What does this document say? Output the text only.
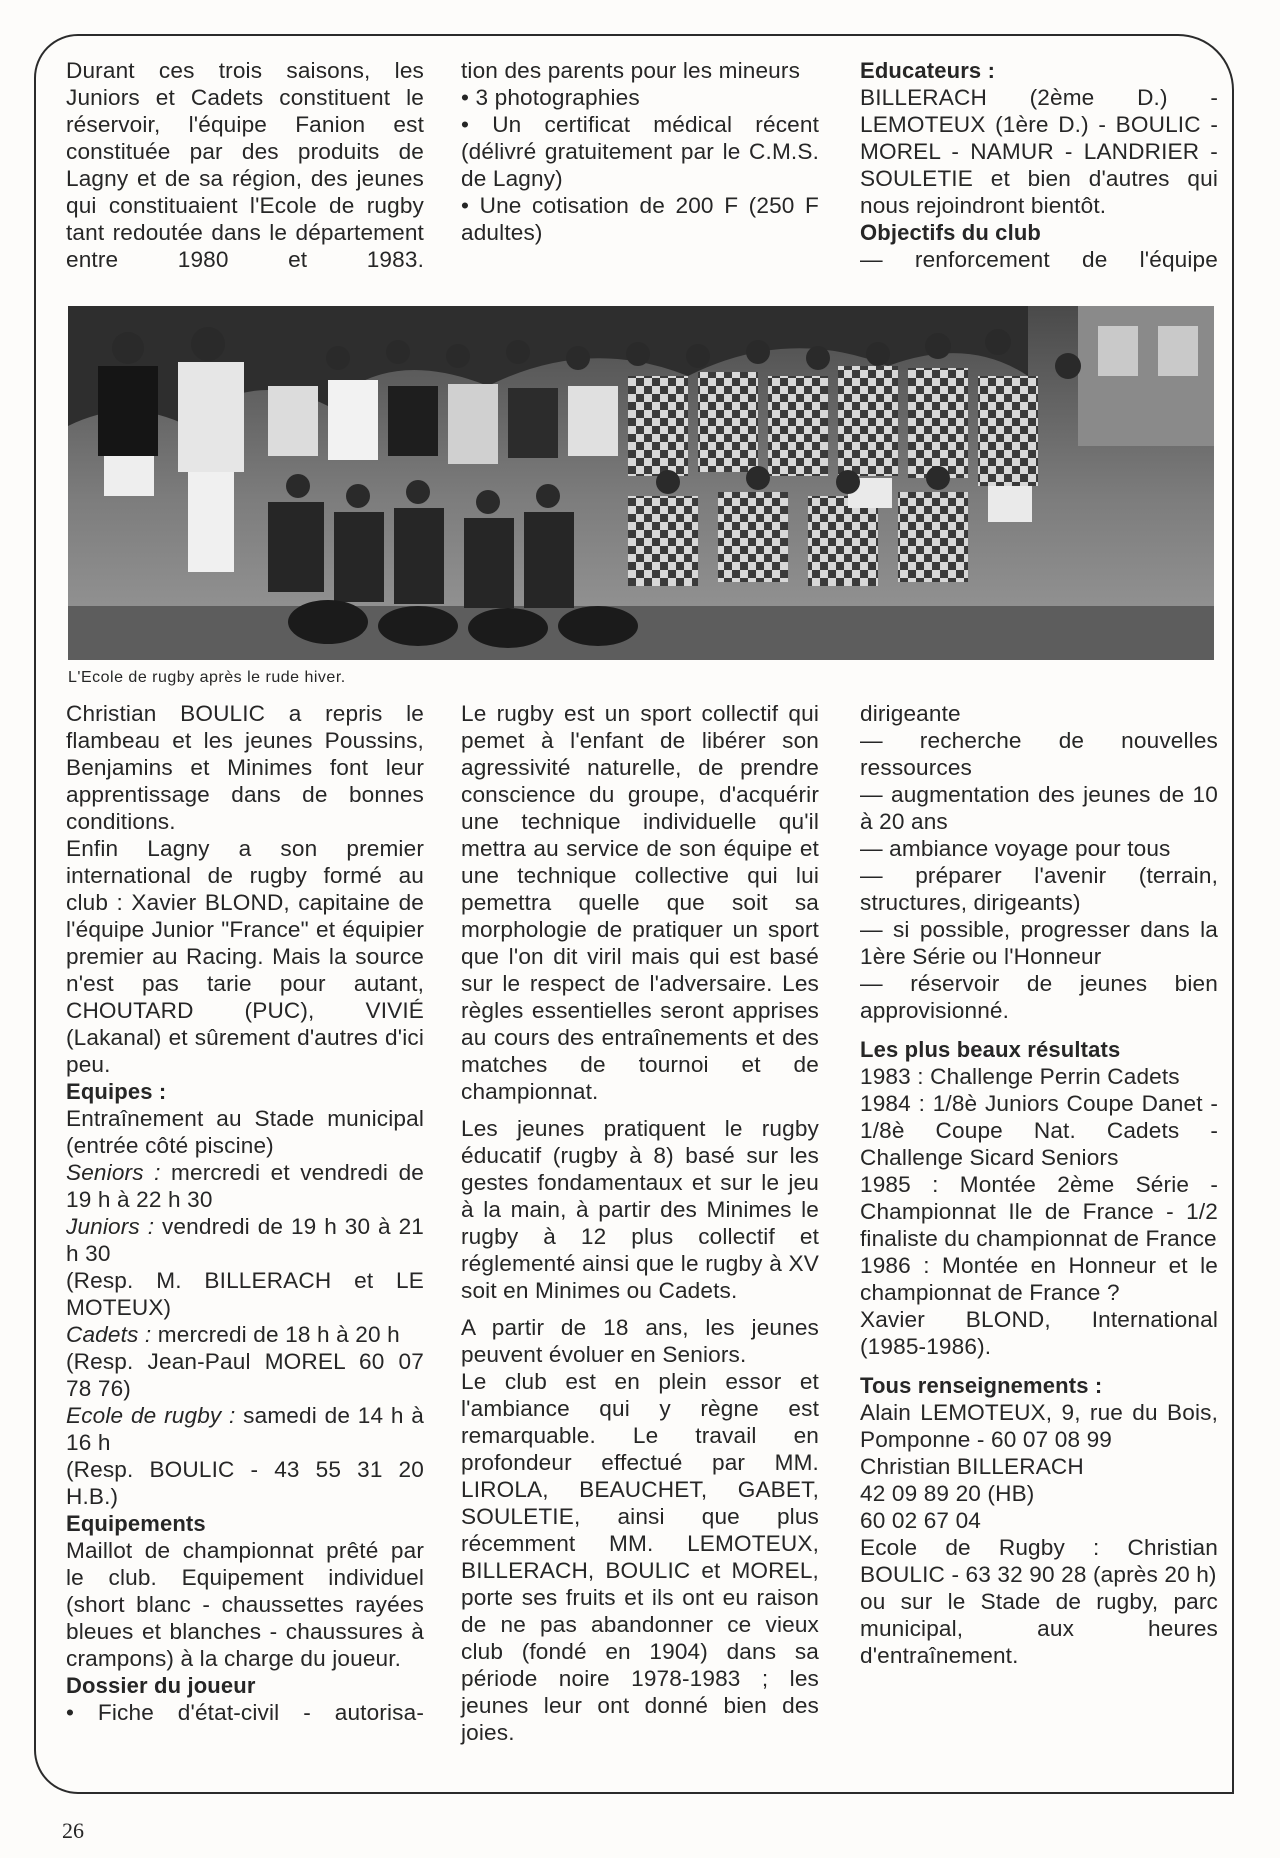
Durant ces trois saisons, les Juniors et Cadets constituent le réservoir, l'équipe Fanion est constituée par des produits de Lagny et de sa région, des jeunes qui constituaient l'Ecole de rugby tant redoutée dans le département entre 1980 et 1983.

tion des parents pour les mineurs

• 3 photographies

• Un certificat médical récent (délivré gratuitement par le C.M.S. de Lagny)

• Une cotisation de 200 F (250 F adultes)

Educateurs :

BILLERACH (2ème D.) - LEMOTEUX (1ère D.) - BOULIC - MOREL - NAMUR - LANDRIER - SOULETIE et bien d'autres qui nous rejoindront bientôt.

Objectifs du club

— renforcement de l'équipe

L'Ecole de rugby après le rude hiver.

Christian BOULIC a repris le flambeau et les jeunes Poussins, Benjamins et Minimes font leur apprentissage dans de bonnes conditions.

Enfin Lagny a son premier international de rugby formé au club : Xavier BLOND, capitaine de l'équipe Junior "France" et équipier premier au Racing. Mais la source n'est pas tarie pour autant, CHOUTARD (PUC), VIVIÉ (Lakanal) et sûrement d'autres d'ici peu.

Equipes :

Entraînement au Stade municipal (entrée côté piscine)

Seniors : mercredi et vendredi de 19 h à 22 h 30

Juniors : vendredi de 19 h 30 à 21 h 30

(Resp. M. BILLERACH et LE MOTEUX)

Cadets : mercredi de 18 h à 20 h

(Resp. Jean-Paul MOREL 60 07 78 76)

Ecole de rugby : samedi de 14 h à 16 h

(Resp. BOULIC - 43 55 31 20 H.B.)

Equipements

Maillot de championnat prêté par le club. Equipement individuel (short blanc - chaussettes rayées bleues et blanches - chaussures à crampons) à la charge du joueur.

Dossier du joueur

• Fiche d'état-civil - autorisa-

Le rugby est un sport collectif qui pemet à l'enfant de libérer son agressivité naturelle, de prendre conscience du groupe, d'acquérir une technique individuelle qu'il mettra au service de son équipe et une technique collective qui lui pemettra quelle que soit sa morphologie de pratiquer un sport que l'on dit viril mais qui est basé sur le respect de l'adversaire. Les règles essentielles seront apprises au cours des entraînements et des matches de tournoi et de championnat.

Les jeunes pratiquent le rugby éducatif (rugby à 8) basé sur les gestes fondamentaux et sur le jeu à la main, à partir des Minimes le rugby à 12 plus collectif et réglementé ainsi que le rugby à XV soit en Minimes ou Cadets.

A partir de 18 ans, les jeunes peuvent évoluer en Seniors.

Le club est en plein essor et l'ambiance qui y règne est remarquable. Le travail en profondeur effectué par MM. LIROLA, BEAUCHET, GABET, SOULETIE, ainsi que plus récemment MM. LEMOTEUX, BILLERACH, BOULIC et MOREL, porte ses fruits et ils ont eu raison de ne pas abandonner ce vieux club (fondé en 1904) dans sa période noire 1978-1983 ; les jeunes leur ont donné bien des joies.

dirigeante

— recherche de nouvelles ressources

— augmentation des jeunes de 10 à 20 ans

— ambiance voyage pour tous

— préparer l'avenir (terrain, structures, dirigeants)

— si possible, progresser dans la 1ère Série ou l'Honneur

— réservoir de jeunes bien approvisionné.

Les plus beaux résultats

1983 : Challenge Perrin Cadets

1984 : 1/8è Juniors Coupe Danet - 1/8è Coupe Nat. Cadets - Challenge Sicard Seniors

1985 : Montée 2ème Série - Championnat Ile de France - 1/2 finaliste du championnat de France

1986 : Montée en Honneur et le championnat de France ?

Xavier BLOND, International (1985-1986).

Tous renseignements :

Alain LEMOTEUX, 9, rue du Bois, Pomponne - 60 07 08 99

Christian BILLERACH

42 09 89 20 (HB)

60 02 67 04

Ecole de Rugby : Christian BOULIC - 63 32 90 28 (après 20 h)

ou sur le Stade de rugby, parc municipal, aux heures d'entraînement.

26
